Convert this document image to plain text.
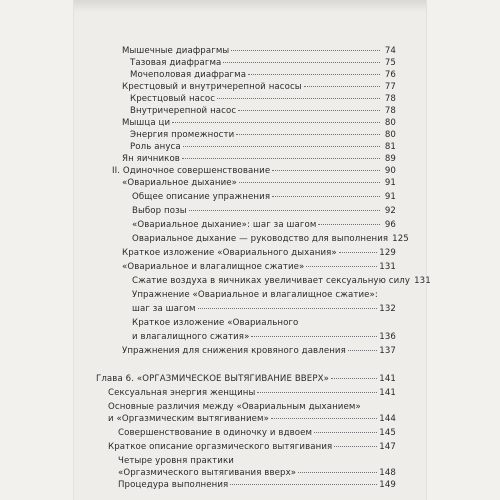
Мышечные диафрагмы	74
Тазовая диафрагма	75
Мочеполовая диафрагма	76
Крестцовый и внутричерепной насосы	77
Крестцовый насос	78
Внутричерепной насос	78
Мышца ци	80
Энергия промежности	80
Роль ануса	81
Ян яичников	89
II. Одиночное совершенствование	90
«Овариальное дыхание»	91
Общее описание упражнения	91
Выбор позы	92
«Овариальное дыхание»: шаг за шагом	96
Овариальное дыхание — руководство для выполнения 125
Краткое изложение «Овариального дыхания»	129
«Овариальное и влагалищное сжатие»	131
Сжатие воздуха в яичниках увеличивает сексуальную силу 131
Упражнение «Овариальное и влагалищное сжатие»:
шаг за шагом	132
Краткое изложение «Овариального
и влагалищного сжатия»	136
Упражнения для снижения кровяного давления	137
Глава 6. «ОРГАЗМИЧЕСКОЕ ВЫТЯГИВАНИЕ ВВЕРХ»	141
Сексуальная энергия женщины	141
Основные различия между «Овариальным дыханием»
и «Оргазмическим вытягиванием»	144
Совершенствование в одиночку и вдвоем	145
Краткое описание оргазмического вытягивания	147
Четыре уровня практики
«Оргазмического вытягивания вверх»	148
Процедура выполнения	149
